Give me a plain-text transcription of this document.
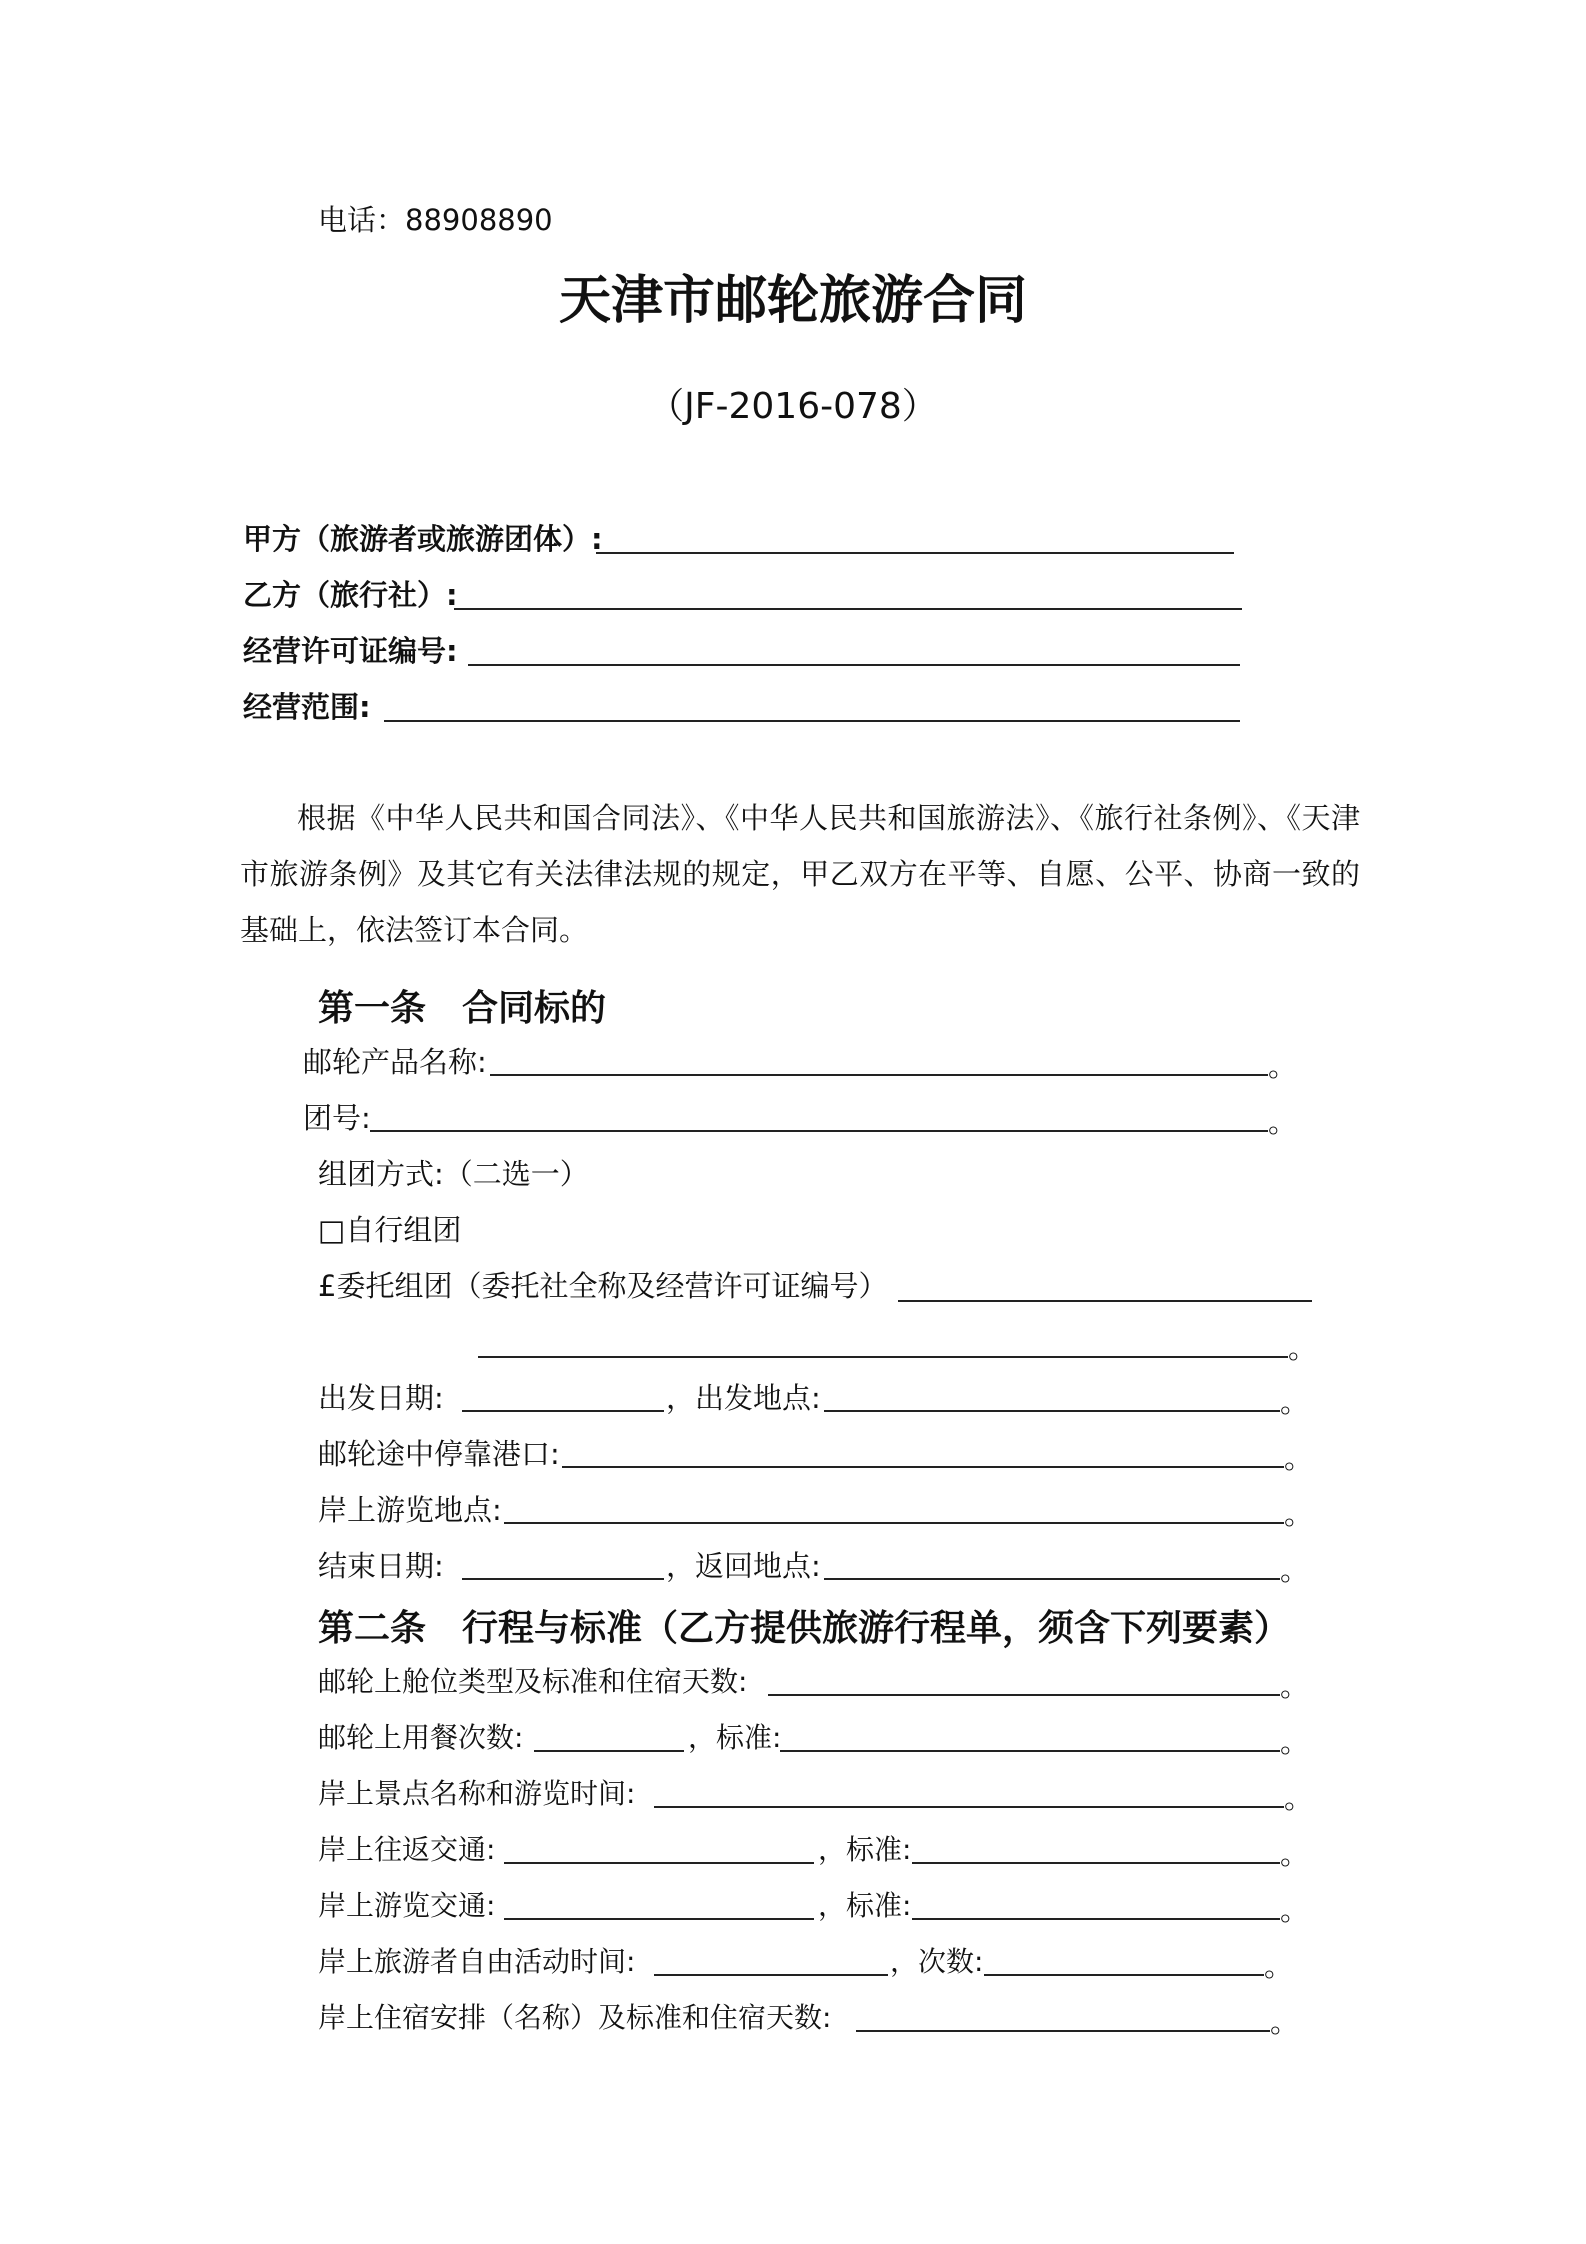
电话：88908890
天津市邮轮旅游合同
（JF-2016-078）
甲方（旅游者或旅游团体）:
乙方（旅行社）:
经营许可证编号:
经营范围:
根据《中华人民共和国合同法》、《中华人民共和国旅游法》、《旅行社条例》、《天津市旅游条例》及其它有关法律法规的规定，甲乙双方在平等、自愿、公平、协商一致的基础上，依法签订本合同。
第一条　合同标的
邮轮产品名称:	。
团号:	。
组团方式:（二选一）
□自行组团
£委托组团（委托社全称及经营许可证编号）
。
出发日期:	，出发地点:	。
邮轮途中停靠港口:	。
岸上游览地点:	。
结束日期:	，返回地点:	。
第二条　行程与标准（乙方提供旅游行程单，须含下列要素）
邮轮上舱位类型及标准和住宿天数:	。
邮轮上用餐次数:	，标准:	。
岸上景点名称和游览时间:	。
岸上往返交通:	，标准:	。
岸上游览交通:	，标准:	。
岸上旅游者自由活动时间:	，次数:	。
岸上住宿安排（名称）及标准和住宿天数:	。
